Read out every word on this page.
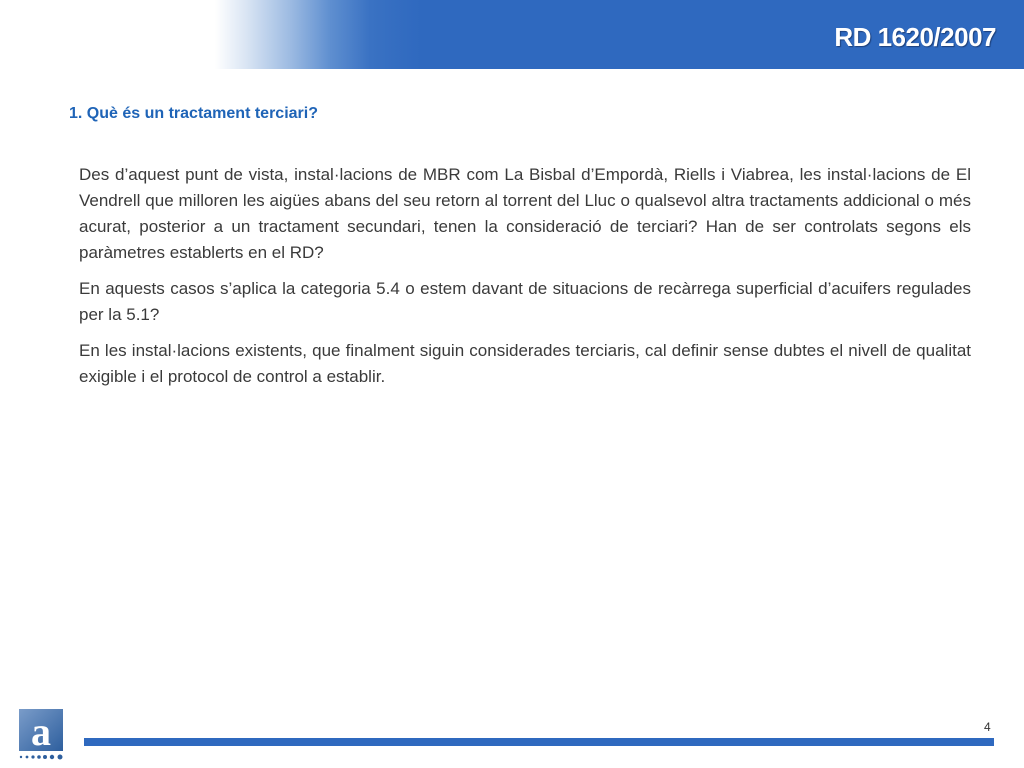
RD 1620/2007
1. Què és un tractament terciari?

Des d’aquest punt de vista, instal·lacions de MBR com La Bisbal d’Empordà, Riells i Viabrea, les instal·lacions de El Vendrell que milloren les aigües abans del seu retorn al torrent del Lluc o qualsevol altra tractaments addicional o més acurat, posterior a un tractament secundari, tenen la consideració de terciari? Han de ser controlats segons els paràmetres establerts en el RD?

En aquests casos s’aplica la categoria 5.4 o estem davant de situacions de recàrrega superficial d’acuifers regulades per la 5.1?

En les instal·lacions existents, que finalment siguin considerades terciaris, cal definir sense dubtes el nivell de qualitat exigible i el protocol de control a establir.

a	4
